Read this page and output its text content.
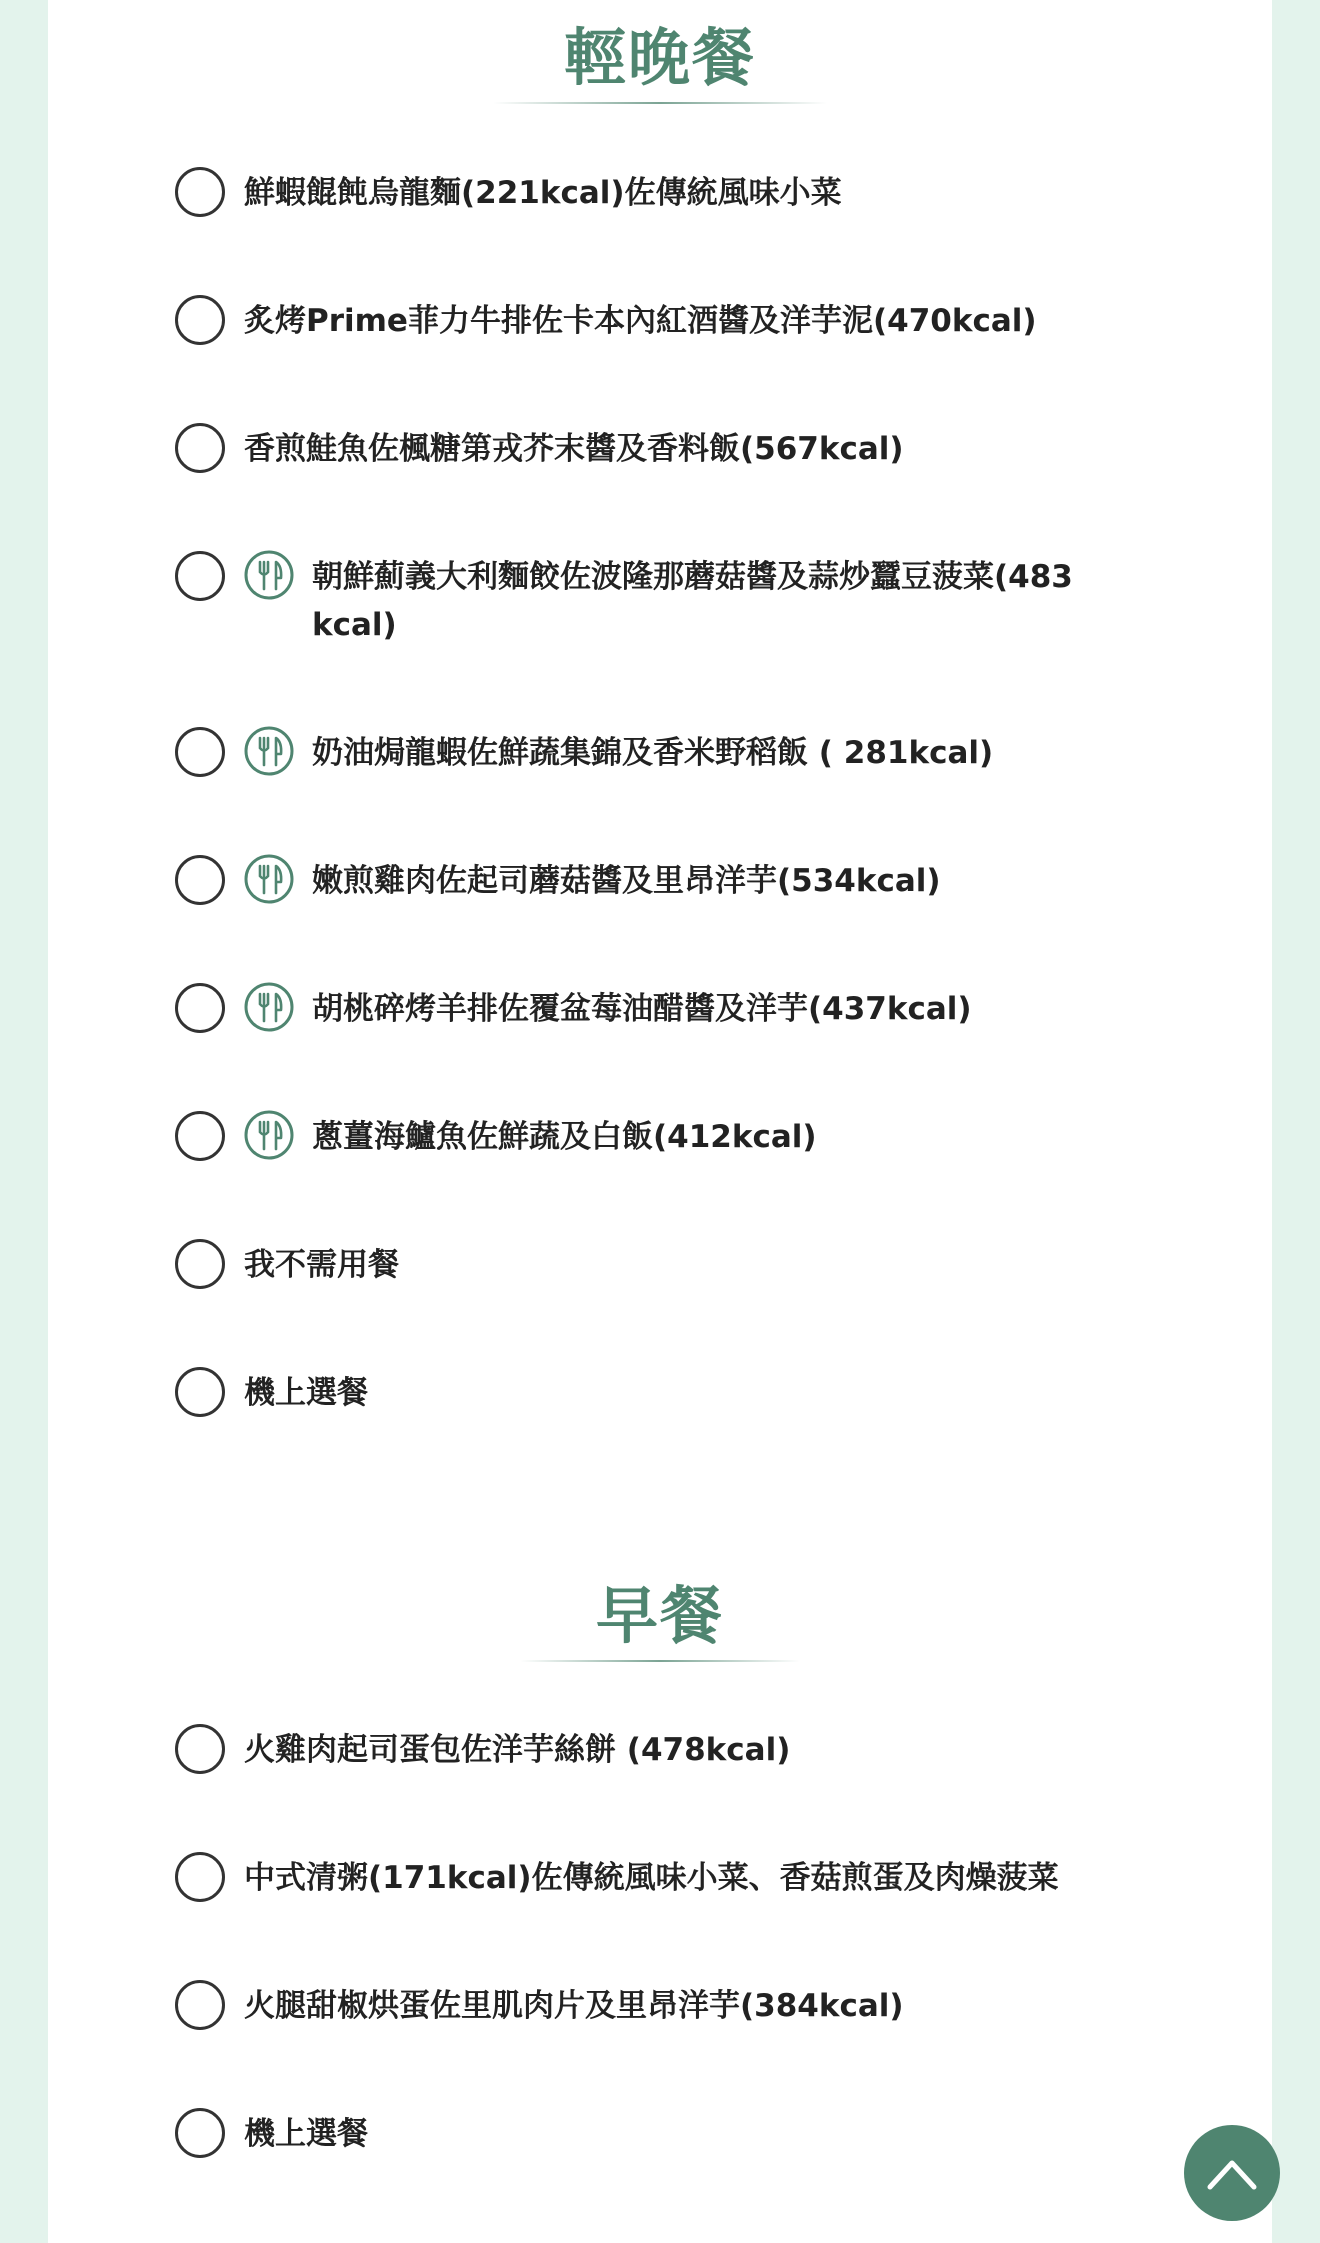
輕晚餐
鮮蝦餛飩烏龍麵(221kcal)佐傳統風味小菜
炙烤Prime菲力牛排佐卡本內紅酒醬及洋芋泥(470kcal)
香煎鮭魚佐楓糖第戎芥末醬及香料飯(567kcal)
朝鮮薊義大利麵餃佐波隆那蘑菇醬及蒜炒蠶豆菠菜(483 kcal)
奶油焗龍蝦佐鮮蔬集錦及香米野稻飯 ( 281kcal)
嫩煎雞肉佐起司蘑菇醬及里昂洋芋(534kcal)
胡桃碎烤羊排佐覆盆莓油醋醬及洋芋(437kcal)
蔥薑海鱸魚佐鮮蔬及白飯(412kcal)
我不需用餐
機上選餐
早餐
火雞肉起司蛋包佐洋芋絲餅 (478kcal)
中式清粥(171kcal)佐傳統風味小菜、香菇煎蛋及肉燥菠菜
火腿甜椒烘蛋佐里肌肉片及里昂洋芋(384kcal)
機上選餐
